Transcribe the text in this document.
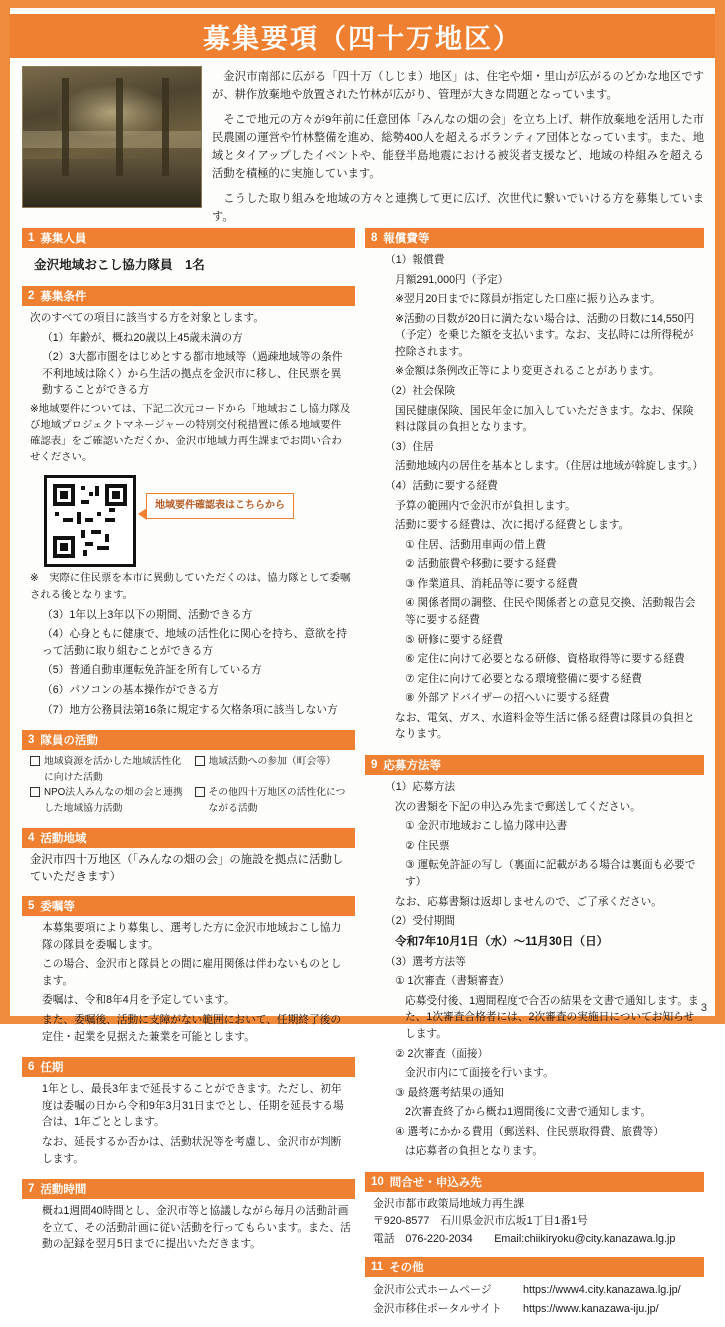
募集要項（四十万地区）

金沢市南部に広がる「四十万（しじま）地区」は、住宅や畑・里山が広がるのどかな地区ですが、耕作放棄地や放置された竹林が広がり、管理が大きな問題となっています。

そこで地元の方々が9年前に任意団体「みんなの畑の会」を立ち上げ、耕作放棄地を活用した市民農園の運営や竹林整備を進め、総勢400人を超えるボランティア団体となっています。また、地域とタイアップしたイベントや、能登半島地震における被災者支援など、地域の枠組みを超える活動を積極的に実施しています。

こうした取り組みを地域の方々と連携して更に広げ、次世代に繋いでいける方を募集しています。

1 募集人員
金沢地域おこし協力隊員　1名
2 募集条件

次のすべての項目に該当する方を対象とします。

（1）年齢が、概ね20歳以上45歳未満の方

（2）3大都市圏をはじめとする都市地域等（過疎地域等の条件不利地域は除く）から生活の拠点を金沢市に移し、住民票を異動することができる方

※地域要件については、下記二次元コードから「地域おこし協力隊及び地域プロジェクトマネージャーの特別交付税措置に係る地域要件確認表」をご確認いただくか、金沢市地域力再生課までお問い合わせください。

地域要件確認表はこちらから

※　実際に住民票を本市に異動していただくのは、協力隊として委嘱される後となります。

（3）1年以上3年以下の期間、活動できる方

（4）心身ともに健康で、地域の活性化に関心を持ち、意欲を持って活動に取り組むことができる方

（5）普通自動車運転免許証を所有している方

（6）パソコンの基本操作ができる方

（7）地方公務員法第16条に規定する欠格条項に該当しない方

3 隊員の活動
地域資源を活かした地域活性化に向けた活動
地域活動への参加（町会等）
NPO法人みんなの畑の会と連携した地域協力活動
その他四十万地区の活性化につながる活動
4 活動地域
金沢市四十万地区（「みんなの畑の会」の施設を拠点に活動していただきます）
5 委嘱等

本募集要項により募集し、選考した方に金沢市地域おこし協力隊の隊員を委嘱します。

この場合、金沢市と隊員との間に雇用関係は伴わないものとします。

委嘱は、令和8年4月を予定しています。

また、委嘱後、活動に支障がない範囲において、任期終了後の定住・起業を見据えた兼業を可能とします。

6 任期

1年とし、最長3年まで延長することができます。ただし、初年度は委嘱の日から令和9年3月31日までとし、任期を延長する場合は、1年ごととします。

なお、延長するか否かは、活動状況等を考慮し、金沢市が判断します。

7 活動時間

概ね1週間40時間とし、金沢市等と協議しながら毎月の活動計画を立て、その活動計画に従い活動を行ってもらいます。また、活動の記録を翌月5日までに提出いただきます。

8 報償費等

（1）報償費

月額291,000円（予定）

※翌月20日までに隊員が指定した口座に振り込みます。

※活動の日数が20日に満たない場合は、活動の日数に14,550円（予定）を乗じた額を支払います。なお、支払時には所得税が控除されます。

※金額は条例改正等により変更されることがあります。

（2）社会保険

国民健康保険、国民年金に加入していただきます。なお、保険料は隊員の負担となります。

（3）住居

活動地域内の居住を基本とします。（住居は地域が斡旋します。）

（4）活動に要する経費

予算の範囲内で金沢市が負担します。

活動に要する経費は、次に掲げる経費とします。

① 住居、活動用車両の借上費

② 活動旅費や移動に要する経費

③ 作業道具、消耗品等に要する経費

④ 関係者間の調整、住民や関係者との意見交換、活動報告会等に要する経費

⑤ 研修に要する経費

⑥ 定住に向けて必要となる研修、資格取得等に要する経費

⑦ 定住に向けて必要となる環境整備に要する経費

⑧ 外部アドバイザーの招へいに要する経費

なお、電気、ガス、水道料金等生活に係る経費は隊員の負担となります。

9 応募方法等

（1）応募方法

次の書類を下記の申込み先まで郵送してください。

① 金沢市地域おこし協力隊申込書

② 住民票

③ 運転免許証の写し（裏面に記載がある場合は裏面も必要です）

なお、応募書類は返却しませんので、ご了承ください。

（2）受付期間

令和7年10月1日（水）～11月30日（日）

（3）選考方法等

① 1次審査（書類審査）

応募受付後、1週間程度で合否の結果を文書で通知します。また、1次審査合格者には、2次審査の実施日についてお知らせします。

② 2次審査（面接）

金沢市内にて面接を行います。

③ 最終選考結果の通知

2次審査終了から概ね1週間後に文書で通知します。

④ 選考にかかる費用（郵送料、住民票取得費、旅費等）

は応募者の負担となります。

10 問合せ・申込み先
金沢市都市政策局地域力再生課
〒920-8577　石川県金沢市広坂1丁目1番1号
電話　076-220-2034　　Email:chiikiryoku@city.kanazawa.lg.jp
11 その他
金沢市公式ホームページ	https://www4.city.kanazawa.lg.jp/
金沢市移住ポータルサイト	https://www.kanazawa-iju.jp/
3
